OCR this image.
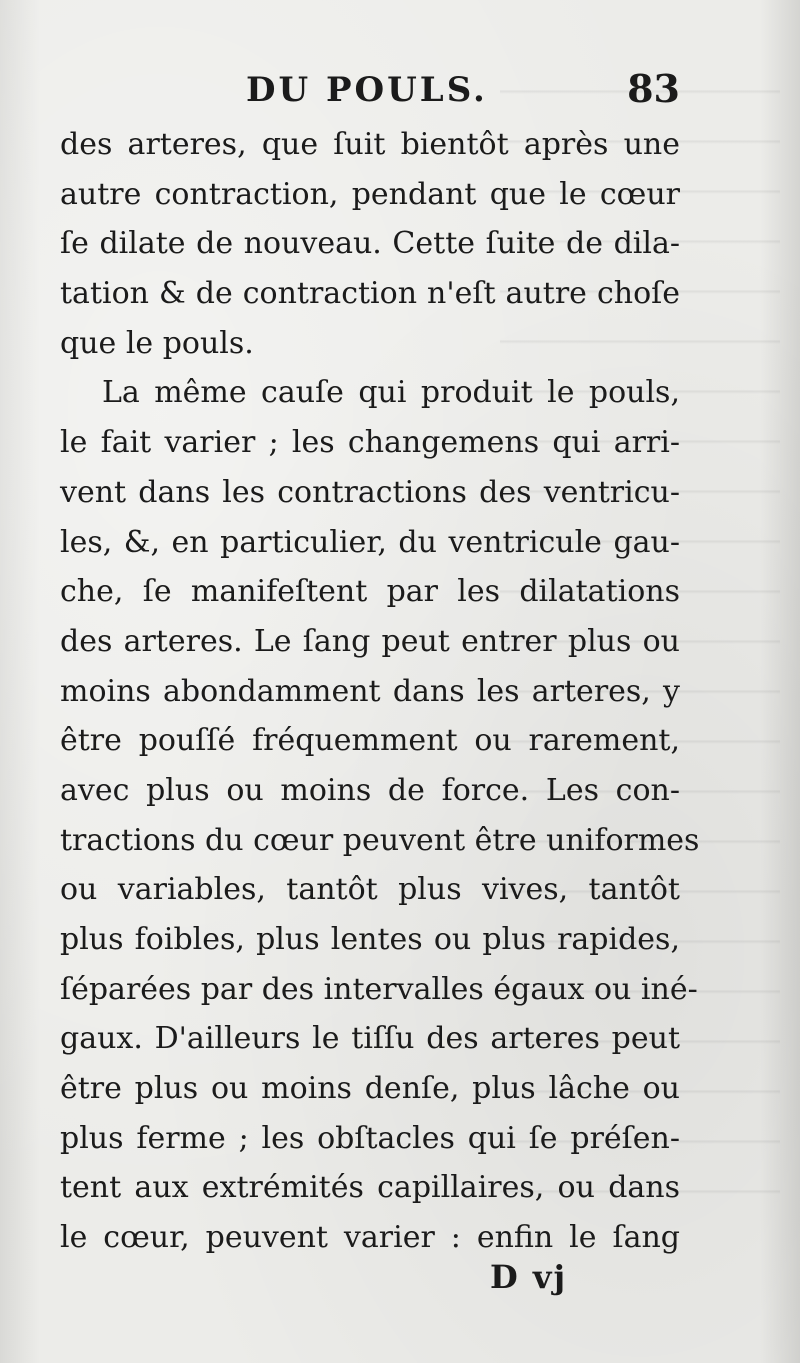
DU POULS.	83
des arteres, que ſuit bientôt après une
autre contraction, pendant que le cœur
ſe dilate de nouveau. Cette ſuite de dila-
tation & de contraction n'eſt autre choſe
que le pouls.
La même cauſe qui produit le pouls,
le fait varier ; les changemens qui arri-
vent dans les contractions des ventricu-
les, &, en particulier, du ventricule gau-
che, ſe manifeſtent par les dilatations
des arteres. Le ſang peut entrer plus ou
moins abondamment dans les arteres, y
être pouſſé fréquemment ou rarement,
avec plus ou moins de force. Les con-
tractions du cœur peuvent être uniformes
ou variables, tantôt plus vives, tantôt
plus foibles, plus lentes ou plus rapides,
ſéparées par des intervalles égaux ou iné-
gaux. D'ailleurs le tiſſu des arteres peut
être plus ou moins denſe, plus lâche ou
plus ferme ; les obſtacles qui ſe préſen-
tent aux extrémités capillaires, ou dans
le cœur, peuvent varier : enfin le ſang
D vj
